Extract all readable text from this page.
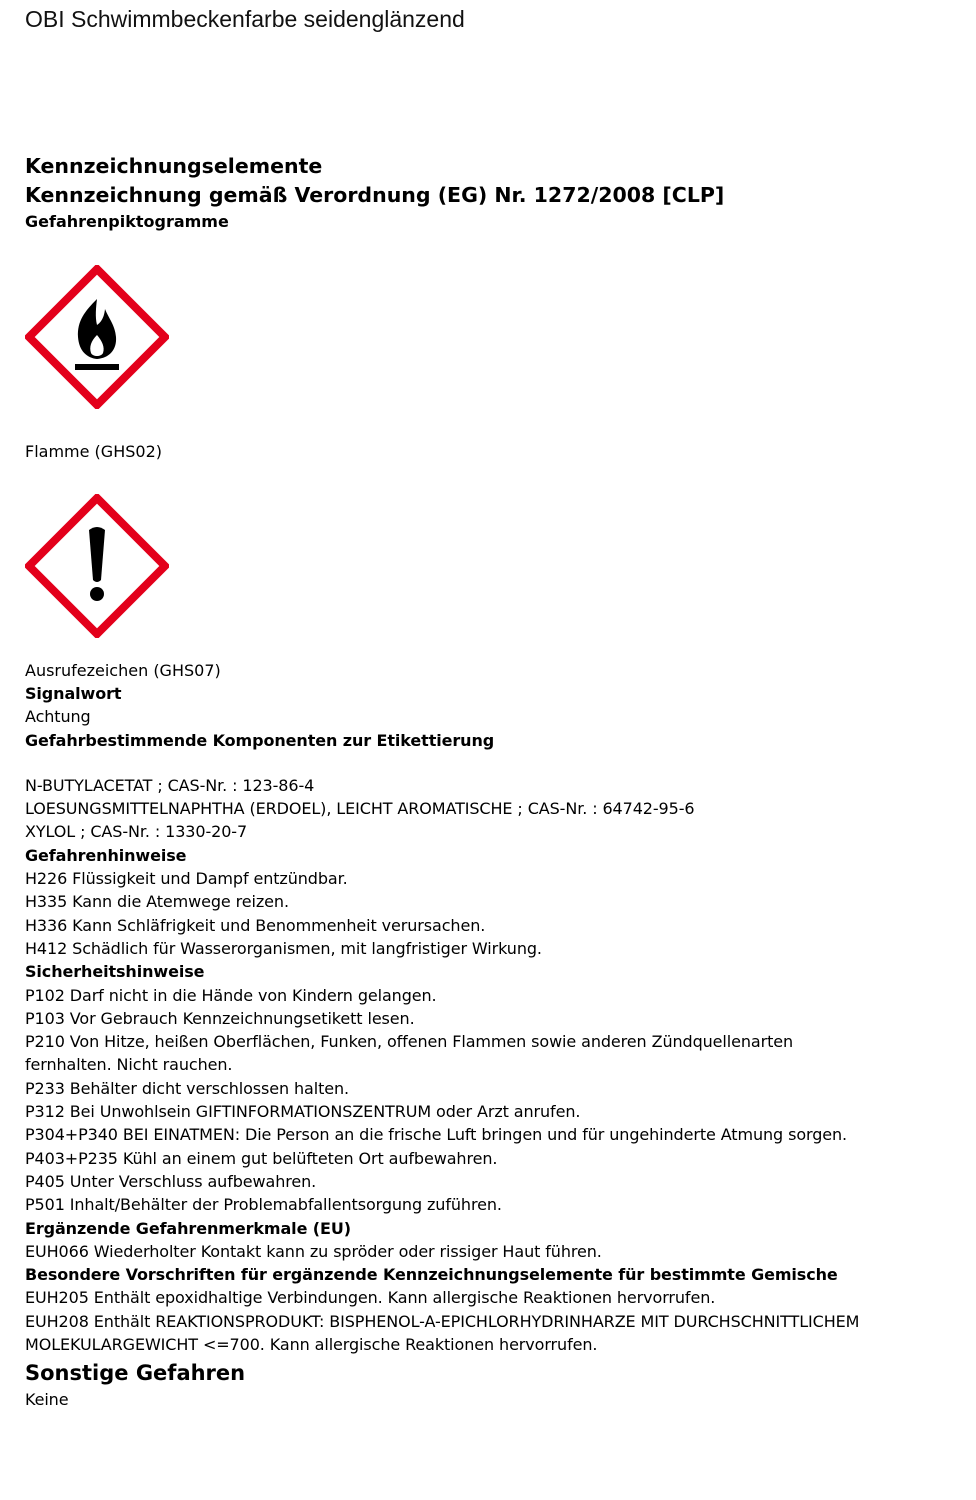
OBI Schwimmbeckenfarbe seidenglänzend
Kennzeichnungselemente
Kennzeichnung gemäß Verordnung (EG) Nr. 1272/2008 [CLP]
Gefahrenpiktogramme
Flamme (GHS02)
Ausrufezeichen (GHS07)
Signalwort
Achtung
Gefahrbestimmende Komponenten zur Etikettierung
N-BUTYLACETAT ; CAS-Nr. : 123-86-4
LOESUNGSMITTELNAPHTHA (ERDOEL), LEICHT AROMATISCHE ; CAS-Nr. : 64742-95-6
XYLOL ; CAS-Nr. : 1330-20-7
Gefahrenhinweise
H226 Flüssigkeit und Dampf entzündbar.
H335 Kann die Atemwege reizen.
H336 Kann Schläfrigkeit und Benommenheit verursachen.
H412 Schädlich für Wasserorganismen, mit langfristiger Wirkung.
Sicherheitshinweise
P102 Darf nicht in die Hände von Kindern gelangen.
P103 Vor Gebrauch Kennzeichnungsetikett lesen.
P210 Von Hitze, heißen Oberflächen, Funken, offenen Flammen sowie anderen Zündquellenarten
fernhalten. Nicht rauchen.
P233 Behälter dicht verschlossen halten.
P312 Bei Unwohlsein GIFTINFORMATIONSZENTRUM oder Arzt anrufen.
P304+P340 BEI EINATMEN: Die Person an die frische Luft bringen und für ungehinderte Atmung sorgen.
P403+P235 Kühl an einem gut belüfteten Ort aufbewahren.
P405 Unter Verschluss aufbewahren.
P501 Inhalt/Behälter der Problemabfallentsorgung zuführen.
Ergänzende Gefahrenmerkmale (EU)
EUH066 Wiederholter Kontakt kann zu spröder oder rissiger Haut führen.
Besondere Vorschriften für ergänzende Kennzeichnungselemente für bestimmte Gemische
EUH205 Enthält epoxidhaltige Verbindungen. Kann allergische Reaktionen hervorrufen.
EUH208 Enthält REAKTIONSPRODUKT: BISPHENOL-A-EPICHLORHYDRINHARZE MIT DURCHSCHNITTLICHEM
MOLEKULARGEWICHT <=700. Kann allergische Reaktionen hervorrufen.
Sonstige Gefahren
Keine
